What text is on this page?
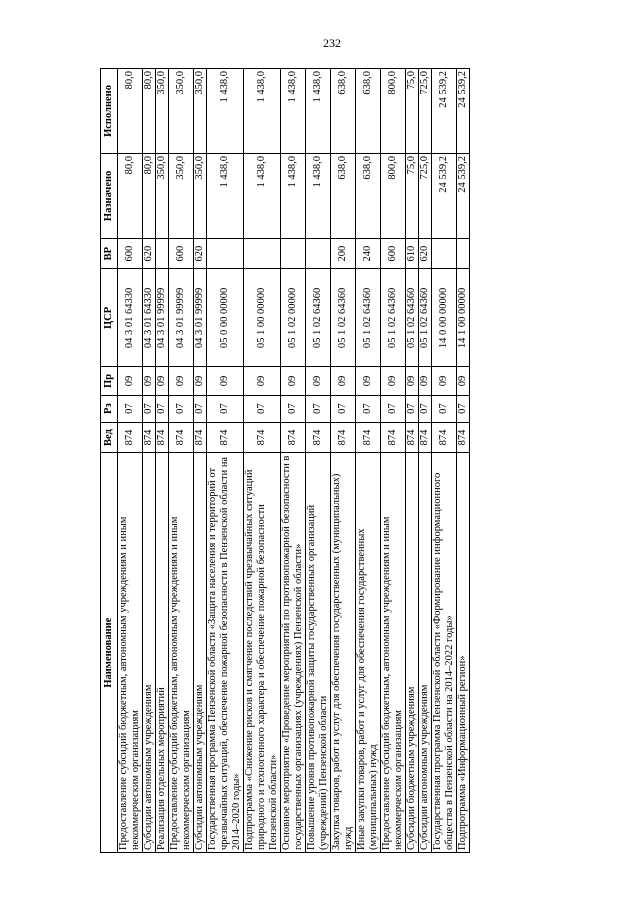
232
Наименование	Вед	Рз	Пр	ЦСР	ВР	Назначено	Исполнено
Предоставление субсидий бюджетным, автономным учреждениям и иным некоммерческим организациям	874	07	09	04 3 01 64330	600	80,0	80,0
Субсидии автономным учреждениям	874	07	09	04 3 01 64330	620	80,0	80,0
Реализация отдельных мероприятий	874	07	09	04 3 01 99999		350,0	350,0
Предоставление субсидий бюджетным, автономным учреждениям и иным некоммерческим организациям	874	07	09	04 3 01 99999	600	350,0	350,0
Субсидии автономным учреждениям	874	07	09	04 3 01 99999	620	350,0	350,0
Государственная программа Пензенской области «Защита населения и территорий от чрезвычайных ситуаций, обеспечение пожарной безопасности в Пензенской области на 2014–2020 годы»	874	07	09	05 0 00 00000		1 438,0	1 438,0
Подпрограмма «Снижение рисков и смягчение последствий чрезвычайных ситуаций природного и техногенного характера и обеспечение пожарной безопасности Пензенской области»	874	07	09	05 1 00 00000		1 438,0	1 438,0
Основное мероприятие «Проведение мероприятий по противопожарной безопасности в государственных организациях (учреждениях) Пензенской области»	874	07	09	05 1 02 00000		1 438,0	1 438,0
Повышение уровня противопожарной защиты государственных организаций (учреждений) Пензенской области	874	07	09	05 1 02 64360		1 438,0	1 438,0
Закупка товаров, работ и услуг для обеспечения государственных (муниципальных) нужд	874	07	09	05 1 02 64360	200	638,0	638,0
Иные закупки товаров, работ и услуг для обеспечения государственных (муниципальных) нужд	874	07	09	05 1 02 64360	240	638,0	638,0
Предоставление субсидий бюджетным, автономным учреждениям и иным некоммерческим организациям	874	07	09	05 1 02 64360	600	800,0	800,0
Субсидии бюджетным учреждениям	874	07	09	05 1 02 64360	610	75,0	75,0
Субсидии автономным учреждениям	874	07	09	05 1 02 64360	620	725,0	725,0
Государственная программа Пензенской области «Формирование информационного общества в Пензенской области на 2014–2022 годы»	874	07	09	14 0 00 00000		24 539,2	24 539,2
Подпрограмма «Информационный регион»	874	07	09	14 1 00 00000		24 539,2	24 539,2
